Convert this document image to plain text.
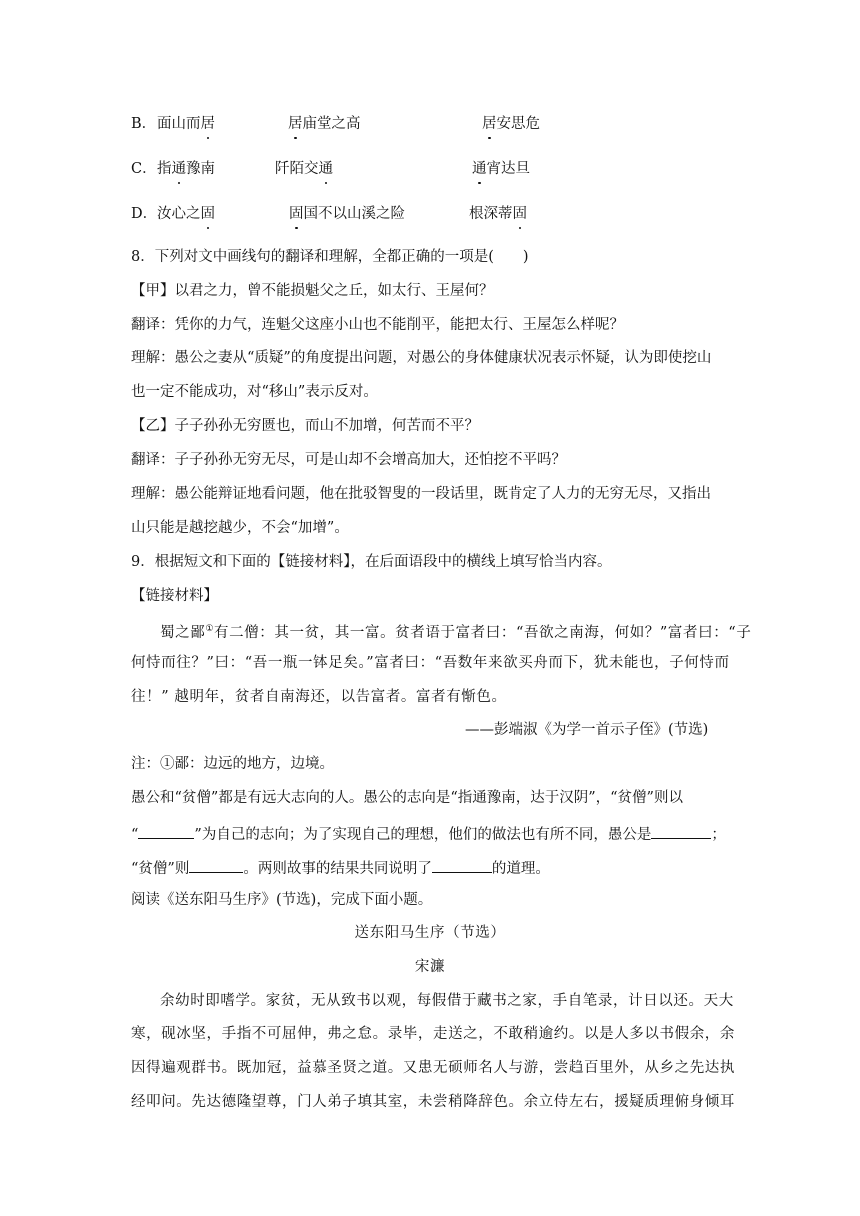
B． 面山而居	居庙堂之高	居安思危
C． 指通豫南	阡陌交通	通宵达旦
D． 汝心之固	固国不以山溪之险	根深蒂固
8．下列对文中画线句的翻译和理解，全都正确的一项是(　　)
【甲】以君之力，曾不能损魁父之丘，如太行、王屋何？
翻译：凭你的力气，连魁父这座小山也不能削平，能把太行、王屋怎么样呢？
理解：愚公之妻从“质疑”的角度提出问题，对愚公的身体健康状况表示怀疑，认为即使挖山
也一定不能成功，对“移山”表示反对。
【乙】子子孙孙无穷匮也，而山不加增，何苦而不平？
翻译：子子孙孙无穷无尽，可是山却不会增高加大，还怕挖不平吗？
理解：愚公能辩证地看问题，他在批驳智叟的一段话里，既肯定了人力的无穷无尽，又指出
山只能是越挖越少，不会“加增”。
9．根据短文和下面的【链接材料】，在后面语段中的横线上填写恰当内容。
【链接材料】
蜀之鄙①有二僧：其一贫，其一富。贫者语于富者曰：“吾欲之南海，何如？”富者曰：“子
何恃而往？”曰：“吾一瓶一钵足矣。”富者曰：“吾数年来欲买舟而下，犹未能也，子何恃而
往！” 越明年，贫者自南海还，以告富者。富者有惭色。
——彭端淑《为学一首示子侄》(节选)
注：①鄙：边远的地方，边境。
愚公和“贫僧”都是有远大志向的人。愚公的志向是“指通豫南，达于汉阴”，“贫僧”则以
“	”为自己的志向；为了实现自己的理想，他们的做法也有所不同，愚公是	；
“贫僧”则	。两则故事的结果共同说明了	的道理。
阅读《送东阳马生序》(节选)，完成下面小题。
送东阳马生序（节选）
宋濂
余幼时即嗜学。家贫，无从致书以观，每假借于藏书之家，手自笔录，计日以还。天大
寒，砚冰坚，手指不可屈伸，弗之怠。录毕，走送之，不敢稍逾约。以是人多以书假余，余
因得遍观群书。既加冠，益慕圣贤之道。又患无硕师名人与游，尝趋百里外，从乡之先达执
经叩问。先达德隆望尊，门人弟子填其室，未尝稍降辞色。余立侍左右，援疑质理俯身倾耳
